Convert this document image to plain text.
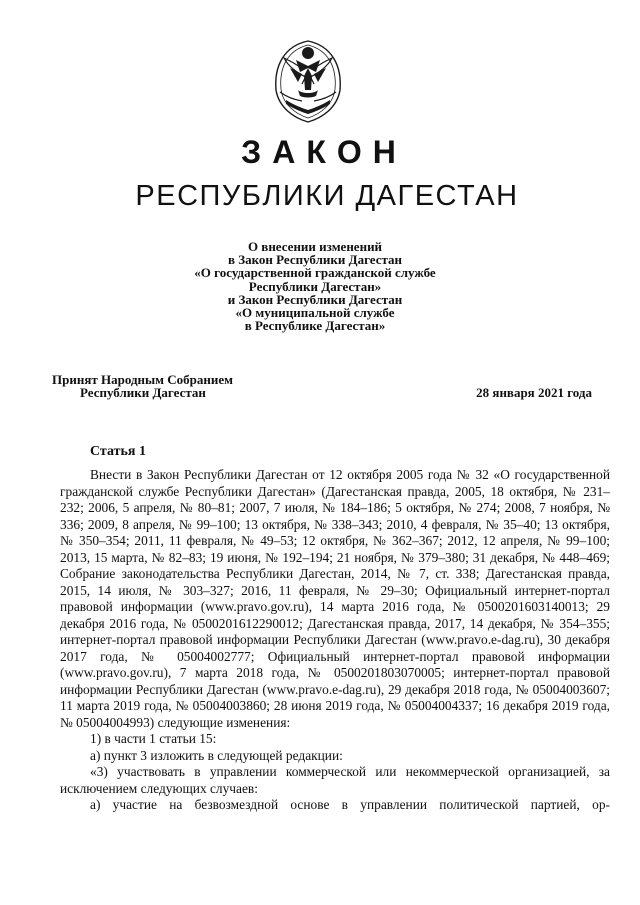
ЗАКОН
РЕСПУБЛИКИ ДАГЕСТАН
О внесении изменений
в Закон Республики Дагестан
«О государственной гражданской службе
Республики Дагестан»
и Закон Республики Дагестан
«О муниципальной службе
в Республике Дагестан»
Принят Народным Собранием
Республики Дагестан	28 января 2021 года
Статья 1

Внести в Закон Республики Дагестан от 12 октября 2005 года № 32 «О государственной гражданской службе Республики Дагестан» (Дагестанская правда, 2005, 18 октября, № 231–232; 2006, 5 апреля, № 80–81; 2007, 7 июля, № 184–186; 5 октября, № 274; 2008, 7 ноября, № 336; 2009, 8 апреля, № 99–100; 13 октября, № 338–343; 2010, 4 февраля, № 35–40; 13 октября, № 350–354; 2011, 11 февраля, № 49–53; 12 октября, № 362–367; 2012, 12 апреля, № 99–100; 2013, 15 марта, № 82–83; 19 июня, № 192–194; 21 ноября, № 379–380; 31 декабря, № 448–469; Собрание законодательства Республики Дагестан, 2014, № 7, ст. 338; Дагестанская правда, 2015, 14 июля, № 303–327; 2016, 11 февраля, № 29–30; Официальный интернет-портал правовой информации (www.pravo.gov.ru), 14 марта 2016 года, № 0500201603140013; 29 декабря 2016 года, № 0500201612290012; Дагестанская правда, 2017, 14 декабря, № 354–355; интернет-портал правовой информации Республики Дагестан (www.pravo.e-dag.ru), 30 декабря 2017 года, № 05004002777; Официальный интернет-портал правовой информации (www.pravo.gov.ru), 7 марта 2018 года, № 0500201803070005; интернет-портал правовой информации Республики Дагестан (www.pravo.e-dag.ru), 29 декабря 2018 года, № 05004003607; 11 марта 2019 года, № 05004003860; 28 июня 2019 года, № 05004004337; 16 декабря 2019 года, № 05004004993) следующие изменения:

1) в части 1 статьи 15:

а) пункт 3 изложить в следующей редакции:

«3) участвовать в управлении коммерческой или некоммерческой организацией, за исключением следующих случаев:

а) участие на безвозмездной основе в управлении политической партией, ор-
